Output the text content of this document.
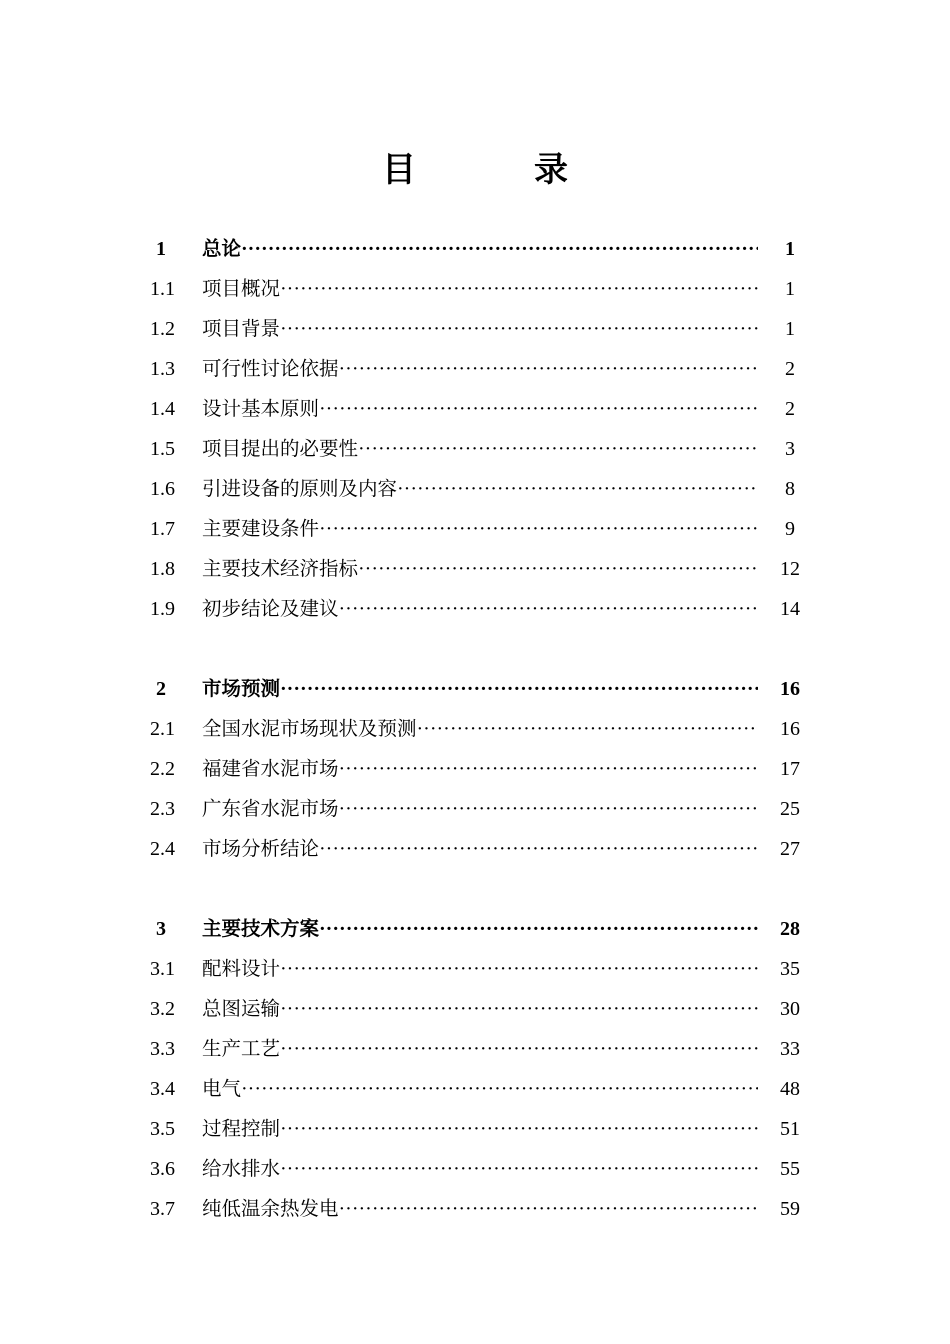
目　录
1	总论 ·····	1
1.1	项目概况 ·····	1
1.2	项目背景 ·····	1
1.3	可行性讨论依据 ·····	2
1.4	设计基本原则 ·····	2
1.5	项目提出的必要性 ·····	3
1.6	引进设备的原则及内容 ·····	8
1.7	主要建设条件 ·····	9
1.8	主要技术经济指标 ·····	12
1.9	初步结论及建议 ·····	14
2	市场预测 ·····	16
2.1	全国水泥市场现状及预测 ·····	16
2.2	福建省水泥市场 ·····	17
2.3	广东省水泥市场 ·····	25
2.4	市场分析结论 ·····	27
3	主要技术方案 ·····	28
3.1	配料设计 ·····	35
3.2	总图运输 ·····	30
3.3	生产工艺 ·····	33
3.4	电气 ·····	48
3.5	过程控制 ·····	51
3.6	给水排水 ·····	55
3.7	纯低温余热发电 ·····	59
